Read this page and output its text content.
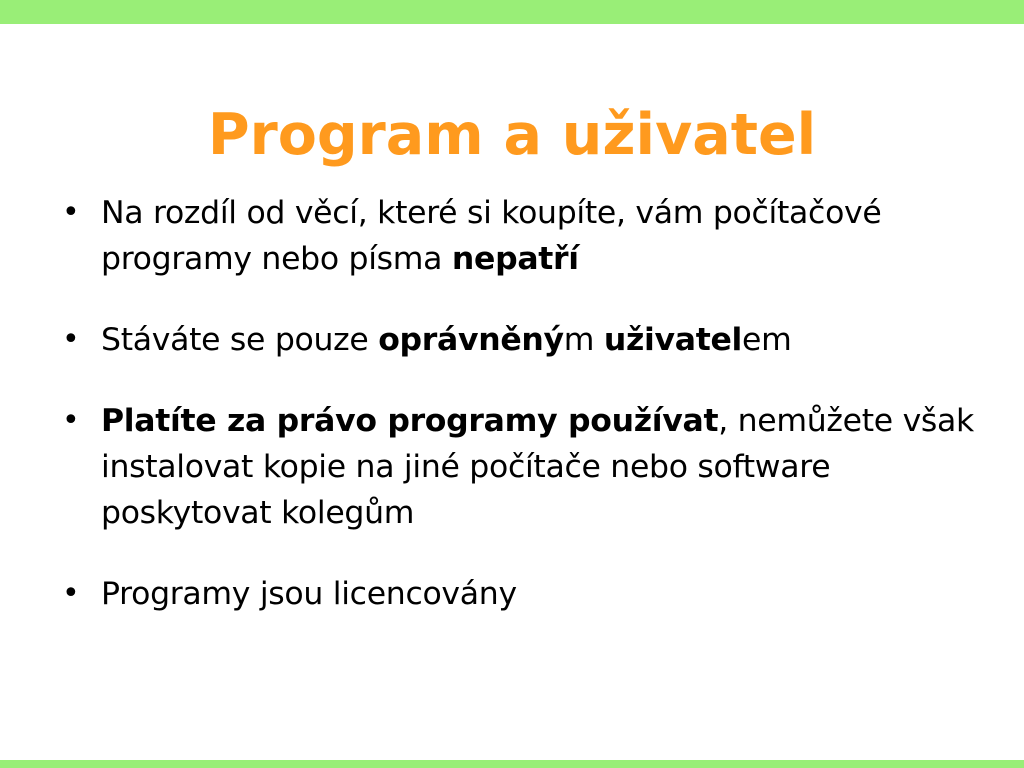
Program a uživatel
• Na rozdíl od věcí, které si koupíte, vám počítačové programy nebo písma nepatří
• Stáváte se pouze oprávněným uživatelem
• Platíte za právo programy používat, nemůžete však instalovat kopie na jiné počítače nebo software poskytovat kolegům
• Programy jsou licencovány
